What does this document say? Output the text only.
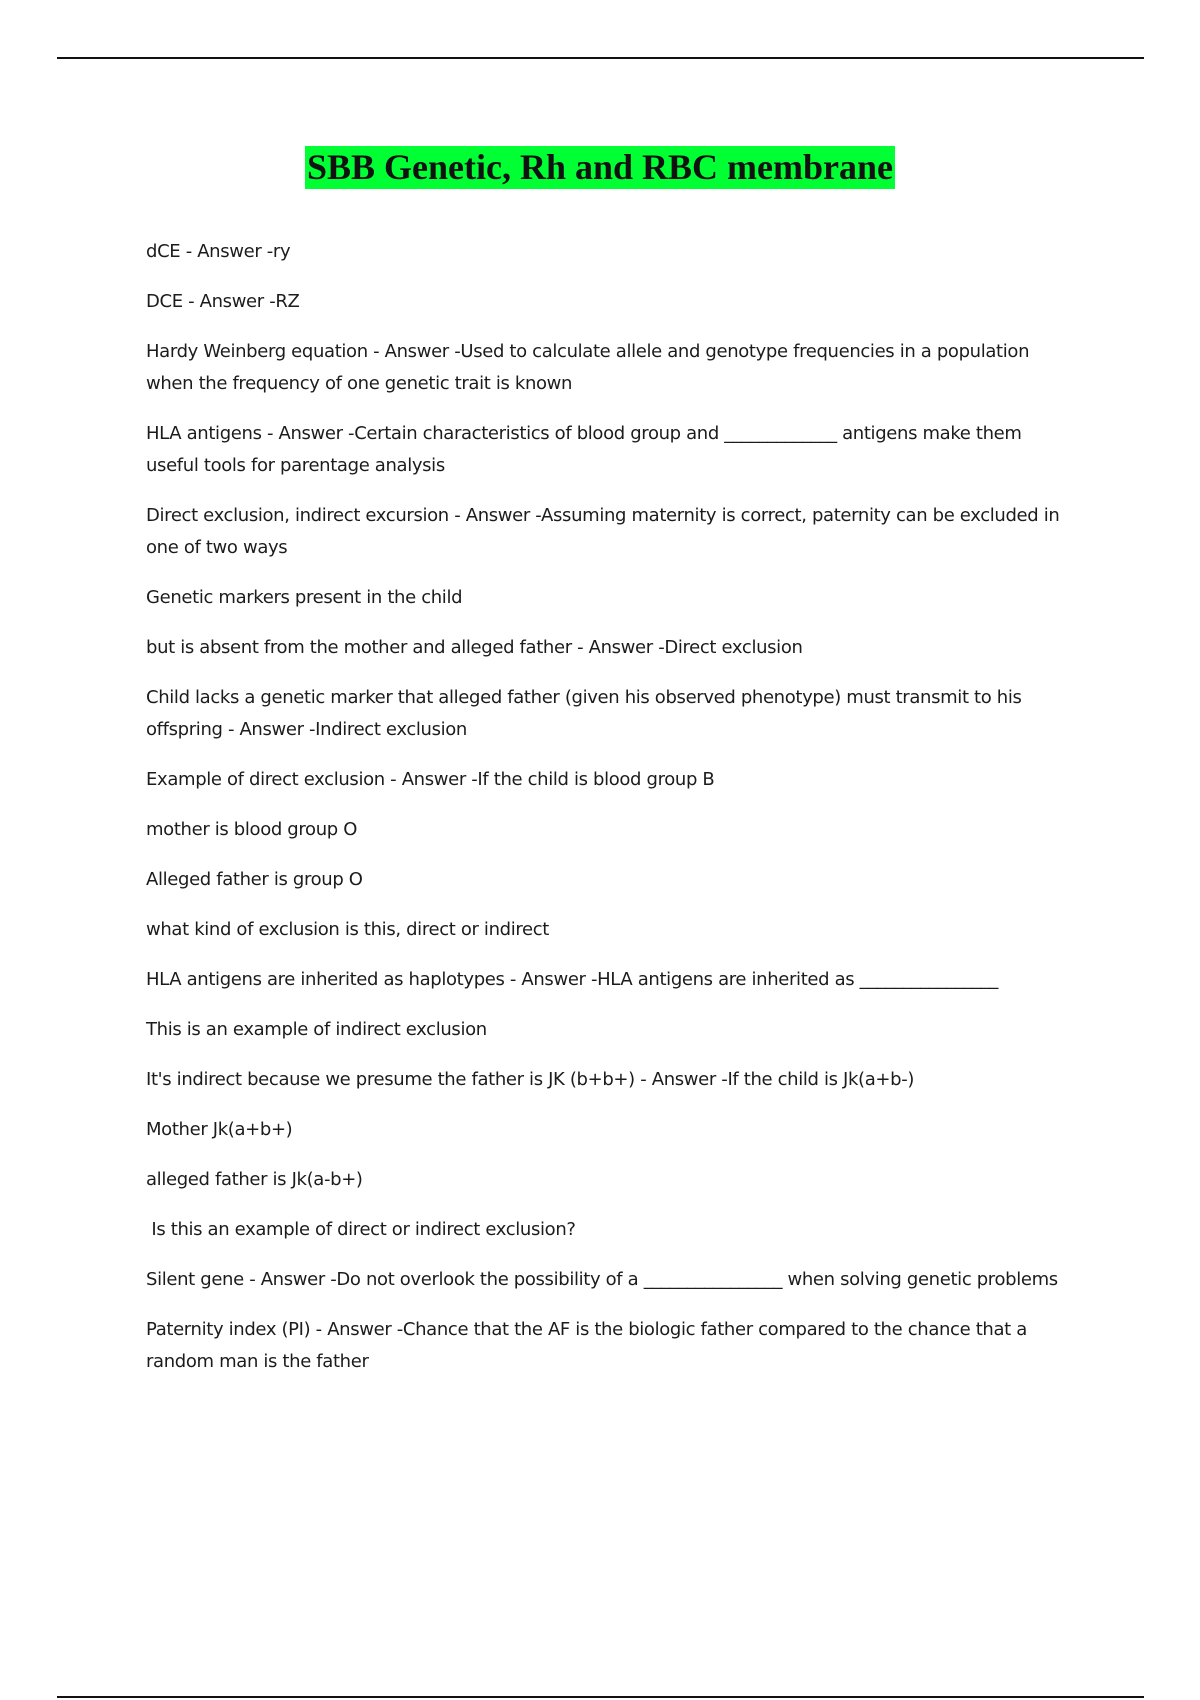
SBB Genetic, Rh and RBC membrane

dCE - Answer -ry

DCE - Answer -RZ

Hardy Weinberg equation - Answer -Used to calculate allele and genotype frequencies in a population when the frequency of one genetic trait is known

HLA antigens - Answer -Certain characteristics of blood group and _____________ antigens make them useful tools for parentage analysis

Direct exclusion, indirect excursion - Answer -Assuming maternity is correct, paternity can be excluded in one of two ways

Genetic markers present in the child

but is absent from the mother and alleged father - Answer -Direct exclusion

Child lacks a genetic marker that alleged father (given his observed phenotype) must transmit to his offspring - Answer -Indirect exclusion

Example of direct exclusion - Answer -If the child is blood group B

mother is blood group O

Alleged father is group O

what kind of exclusion is this, direct or indirect

HLA antigens are inherited as haplotypes - Answer -HLA antigens are inherited as ________________

This is an example of indirect exclusion

It's indirect because we presume the father is JK (b+b+) - Answer -If the child is Jk(a+b-)

Mother Jk(a+b+)

alleged father is Jk(a-b+)

Is this an example of direct or indirect exclusion?

Silent gene - Answer -Do not overlook the possibility of a ________________ when solving genetic problems

Paternity index (PI) - Answer -Chance that the AF is the biologic father compared to the chance that a random man is the father
